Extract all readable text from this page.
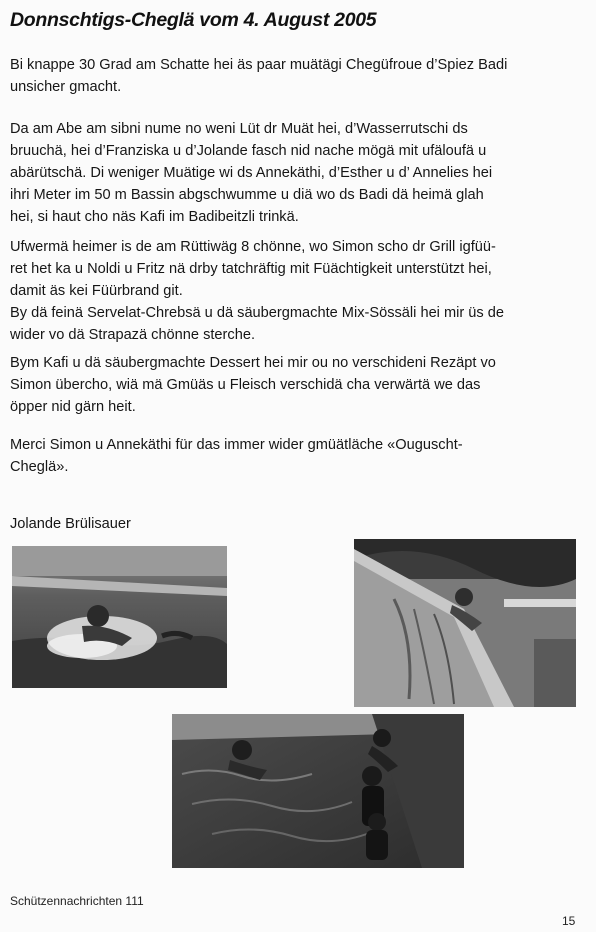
Donnschtigs-Cheglä vom 4. August 2005
Bi knappe 30 Grad am Schatte hei äs paar muätägi Chegüfroue d’Spiez Badi
unsicher gmacht.
Da am Abe am sibni nume no weni Lüt dr Muät hei, d’Wasserrutschi ds
bruuchä, hei d’Franziska u d’Jolande fasch nid nache mögä mit ufäloufä u
abärütschä. Di weniger Muätige wi ds Annekäthi, d’Esther u d’ Annelies hei
ihri Meter im 50 m Bassin abgschwumme u diä wo ds Badi dä heimä glah
hei, si haut cho näs Kafi im Badibeitzli trinkä.
Ufwermä heimer is de am Rüttiwäg 8 chönne, wo Simon scho dr Grill igfüü-
ret het ka u Noldi u Fritz nä drby tatchräftig mit Füächtigkeit unterstützt hei,
damit äs kei Füürbrand git.
By dä feinä Servelat-Chrebsä u dä säubergmachte Mix-Sössäli hei mir üs de
wider vo dä Strapazä chönne sterche.
Bym Kafi u dä säubergmachte Dessert hei mir ou no verschideni Rezäpt vo
Simon übercho, wiä mä Gmüäs u Fleisch verschidä cha verwärtä we das
öpper nid gärn heit.
Merci Simon u Annekäthi für das immer wider gmüätläche «Ouguscht-
Cheglä».
Jolande Brülisauer
Schützennachrichten 111
15
